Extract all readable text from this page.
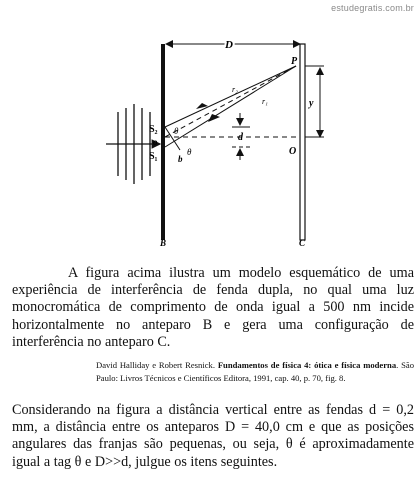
estudegratis.com.br
D
P
y
r₂
r₁
S₂
o
S₁
θ
θ
b
d
O
B	C

A figura acima ilustra um modelo esquemático de uma experiência de interferência de fenda dupla, no qual uma luz monocromática de comprimento de onda igual a 500 nm incide horizontalmente no anteparo B e gera uma configuração de interferência no anteparo C.

David Halliday e Robert Resnick. Fundamentos de física 4: ótica e física moderna. São Paulo: Livros Técnicos e Científicos Editora, 1991, cap. 40, p. 70, fig. 8.

Considerando na figura a distância vertical entre as fendas d = 0,2 mm, a distância entre os anteparos D = 40,0 cm e que as posições angulares das franjas são pequenas, ou seja, θ é aproximadamente igual a tag θ e D>>d, julgue os itens seguintes.
